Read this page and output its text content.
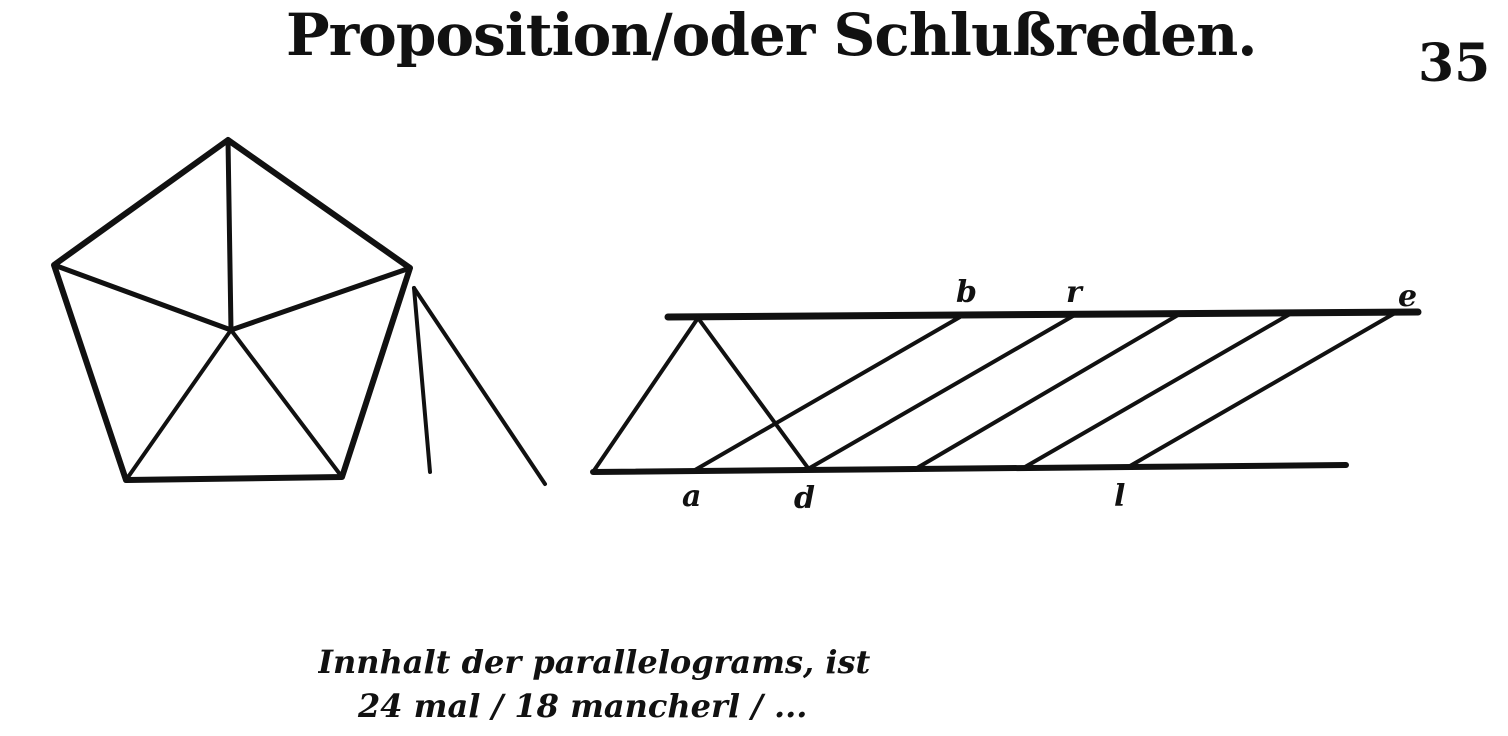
Proposition/oder Schlußreden.	35
b	r	e
a	d	l
Innhalt der parallelograms, ist
24 mal / 18 mancherl / ...
